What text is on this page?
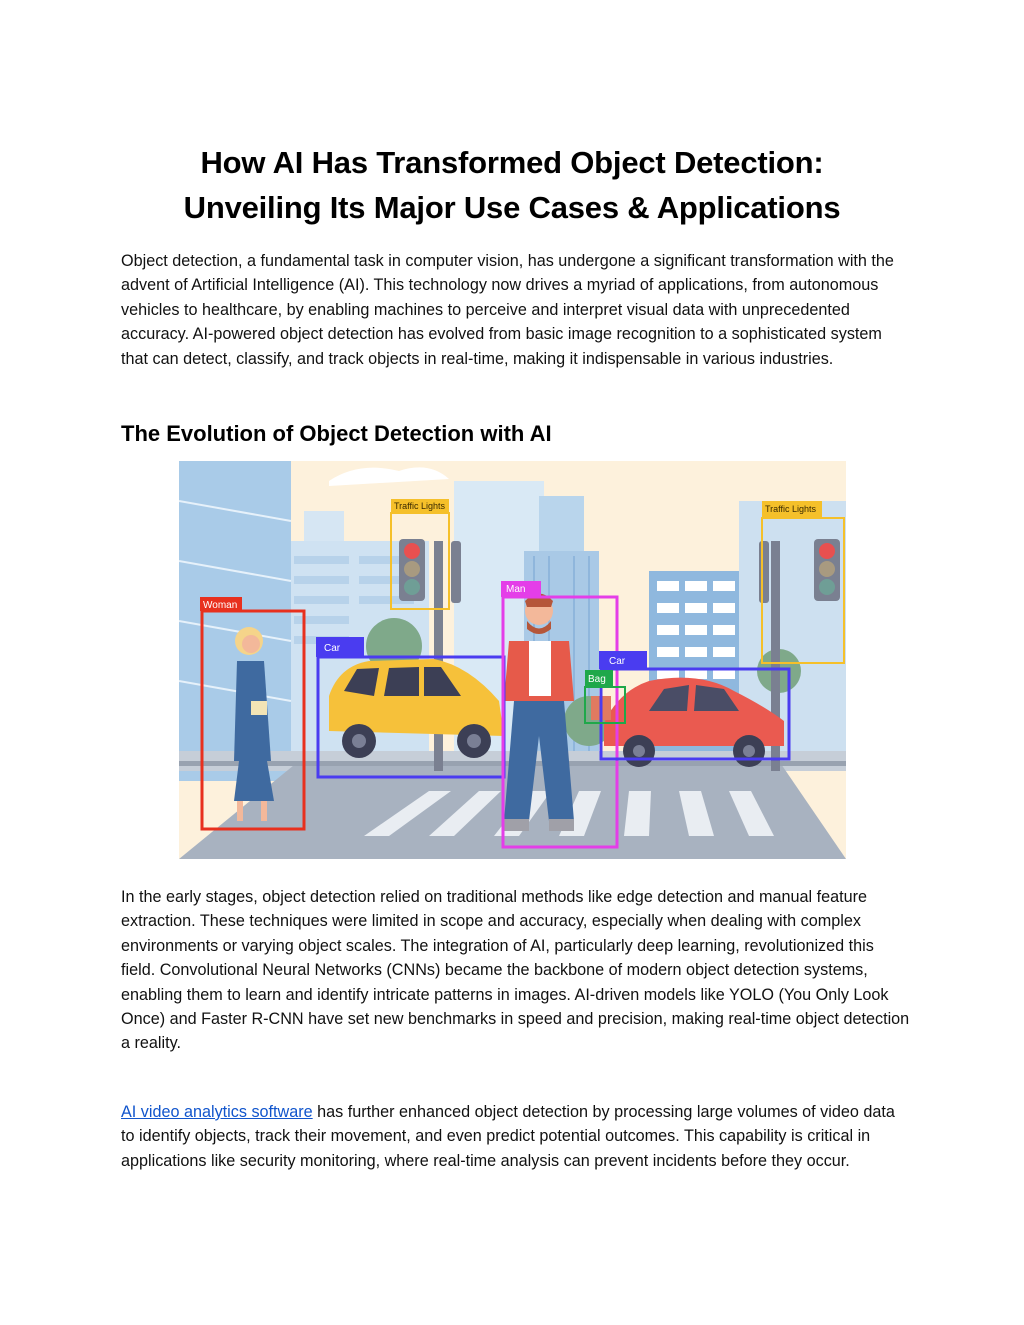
How AI Has Transformed Object Detection:
Unveiling Its Major Use Cases & Applications

Object detection, a fundamental task in computer vision, has undergone a significant transformation with the advent of Artificial Intelligence (AI). This technology now drives a myriad of applications, from autonomous vehicles to healthcare, by enabling machines to perceive and interpret visual data with unprecedented accuracy. AI-powered object detection has evolved from basic image recognition to a sophisticated system that can detect, classify, and track objects in real-time, making it indispensable in various industries.

The Evolution of Object Detection with AI
Woman
Car
Traffic Lights
Man
Car
Bag
Traffic Lights

In the early stages, object detection relied on traditional methods like edge detection and manual feature extraction. These techniques were limited in scope and accuracy, especially when dealing with complex environments or varying object scales. The integration of AI, particularly deep learning, revolutionized this field. Convolutional Neural Networks (CNNs) became the backbone of modern object detection systems, enabling them to learn and identify intricate patterns in images. AI-driven models like YOLO (You Only Look Once) and Faster R-CNN have set new benchmarks in speed and precision, making real-time object detection a reality.

AI video analytics software has further enhanced object detection by processing large volumes of video data to identify objects, track their movement, and even predict potential outcomes. This capability is critical in applications like security monitoring, where real-time analysis can prevent incidents before they occur.
